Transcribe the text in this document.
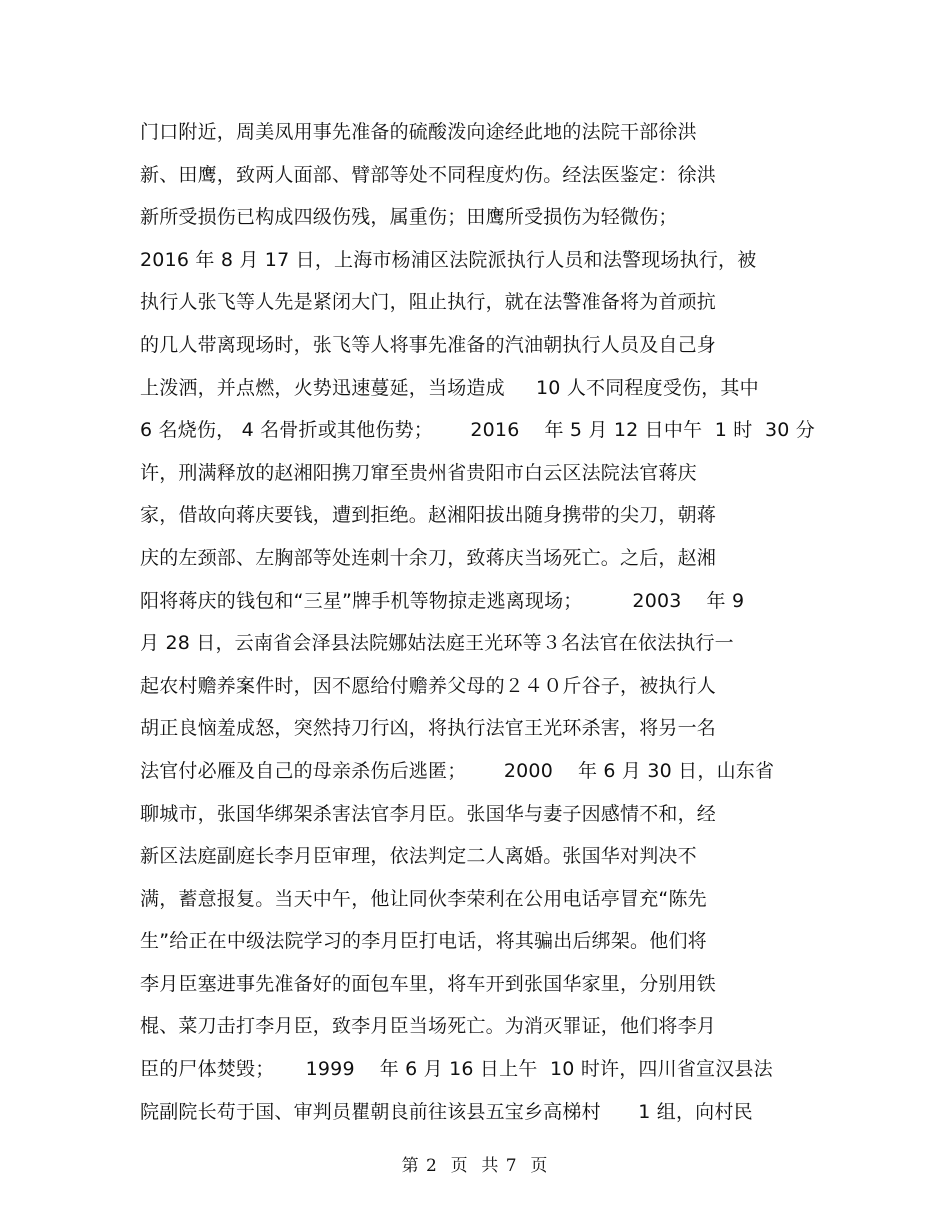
门口附近，周美凤用事先准备的硫酸泼向途经此地的法院干部徐洪
新、田鹰，致两人面部、臂部等处不同程度灼伤。经法医鉴定：徐洪
新所受损伤已构成四级伤残，属重伤；田鹰所受损伤为轻微伤；
2016 年 8 月 17 日，上海市杨浦区法院派执行人员和法警现场执行，被
执行人张飞等人先是紧闭大门，阻止执行，就在法警准备将为首顽抗
的几人带离现场时，张飞等人将事先准备的汽油朝执行人员及自己身
上泼洒，并点燃，火势迅速蔓延，当场造成     10 人不同程度受伤，其中
6 名烧伤， 4 名骨折或其他伤势；      2016    年 5 月 12 日中午  1 时  30 分
许，刑满释放的赵湘阳携刀窜至贵州省贵阳市白云区法院法官蒋庆
家，借故向蒋庆要钱，遭到拒绝。赵湘阳拔出随身携带的尖刀，朝蒋
庆的左颈部、左胸部等处连刺十余刀，致蒋庆当场死亡。之后，赵湘
阳将蒋庆的钱包和“三星”牌手机等物掠走逃离现场；        2003    年 9
月 28 日，云南省会泽县法院娜姑法庭王光环等３名法官在依法执行一
起农村赡养案件时，因不愿给付赡养父母的２４０斤谷子，被执行人
胡正良恼羞成怒，突然持刀行凶，将执行法官王光环杀害，将另一名
法官付必雁及自己的母亲杀伤后逃匿；      2000    年 6 月 30 日，山东省
聊城市，张国华绑架杀害法官李月臣。张国华与妻子因感情不和，经
新区法庭副庭长李月臣审理，依法判定二人离婚。张国华对判决不
满，蓄意报复。当天中午，他让同伙李荣利在公用电话亭冒充“陈先
生”给正在中级法院学习的李月臣打电话，将其骗出后绑架。他们将
李月臣塞进事先准备好的面包车里，将车开到张国华家里，分别用铁
棍、菜刀击打李月臣，致李月臣当场死亡。为消灭罪证，他们将李月
臣的尸体焚毁；     1999    年 6 月 16 日上午  10 时许，四川省宣汉县法
院副院长苟于国、审判员瞿朝良前往该县五宝乡高梯村      1 组，向村民
第 2  页  共 7  页
